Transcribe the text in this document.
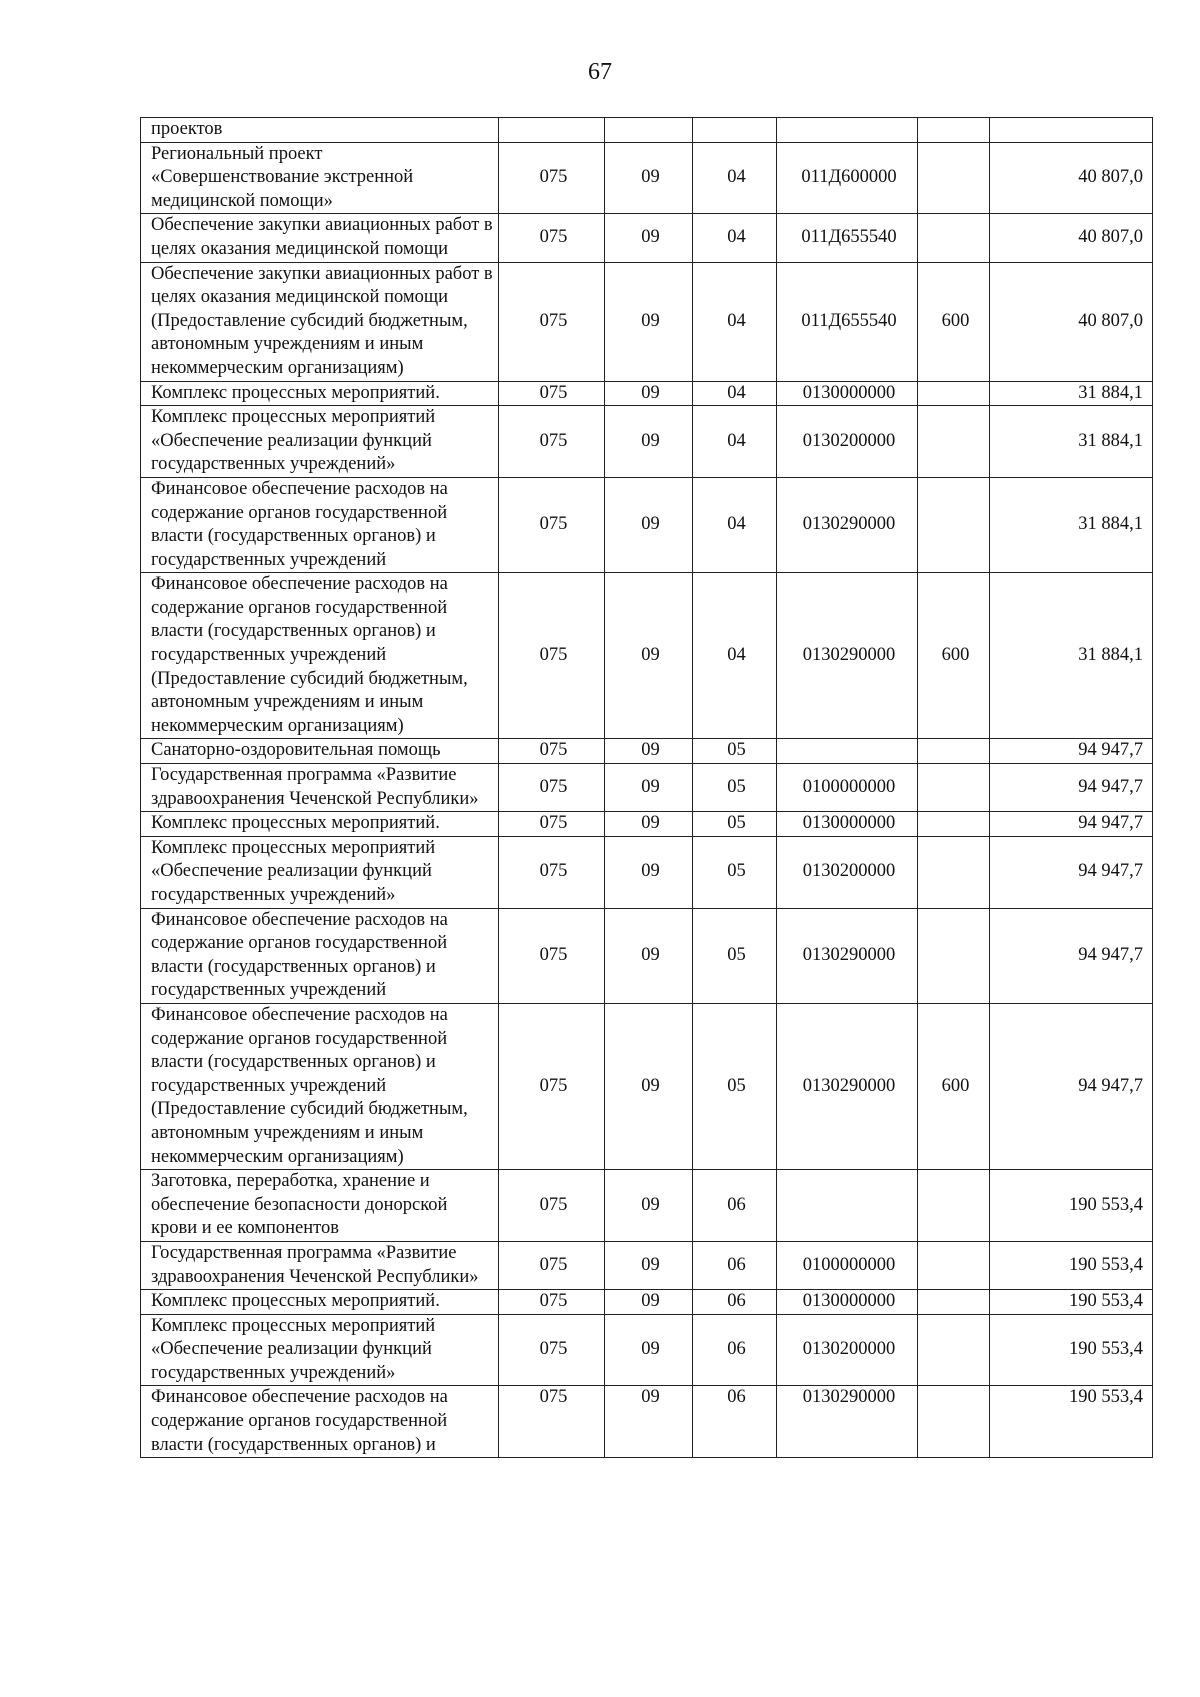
67
проектов						
Региональный проект «Совершенствование экстренной медицинской помощи»	075	09	04	011Д600000		40 807,0
Обеспечение закупки авиационных работ в целях оказания медицинской помощи	075	09	04	011Д655540		40 807,0
Обеспечение закупки авиационных работ в целях оказания медицинской помощи (Предоставление субсидий бюджетным, автономным учреждениям и иным некоммерческим организациям)	075	09	04	011Д655540	600	40 807,0
Комплекс процессных мероприятий.	075	09	04	0130000000		31 884,1
Комплекс процессных мероприятий «Обеспечение реализации функций государственных учреждений»	075	09	04	0130200000		31 884,1
Финансовое обеспечение расходов на содержание органов государственной власти (государственных органов) и государственных учреждений	075	09	04	0130290000		31 884,1
Финансовое обеспечение расходов на содержание органов государственной власти (государственных органов) и государственных учреждений (Предоставление субсидий бюджетным, автономным учреждениям и иным некоммерческим организациям)	075	09	04	0130290000	600	31 884,1
Санаторно-оздоровительная помощь	075	09	05			94 947,7
Государственная программа «Развитие здравоохранения Чеченской Республики»	075	09	05	0100000000		94 947,7
Комплекс процессных мероприятий.	075	09	05	0130000000		94 947,7
Комплекс процессных мероприятий «Обеспечение реализации функций государственных учреждений»	075	09	05	0130200000		94 947,7
Финансовое обеспечение расходов на содержание органов государственной власти (государственных органов) и государственных учреждений	075	09	05	0130290000		94 947,7
Финансовое обеспечение расходов на содержание органов государственной власти (государственных органов) и государственных учреждений (Предоставление субсидий бюджетным, автономным учреждениям и иным некоммерческим организациям)	075	09	05	0130290000	600	94 947,7
Заготовка, переработка, хранение и обеспечение безопасности донорской крови и ее компонентов	075	09	06			190 553,4
Государственная программа «Развитие здравоохранения Чеченской Республики»	075	09	06	0100000000		190 553,4
Комплекс процессных мероприятий.	075	09	06	0130000000		190 553,4
Комплекс процессных мероприятий «Обеспечение реализации функций государственных учреждений»	075	09	06	0130200000		190 553,4
Финансовое обеспечение расходов на содержание органов государственной власти (государственных органов) и	075	09	06	0130290000		190 553,4
